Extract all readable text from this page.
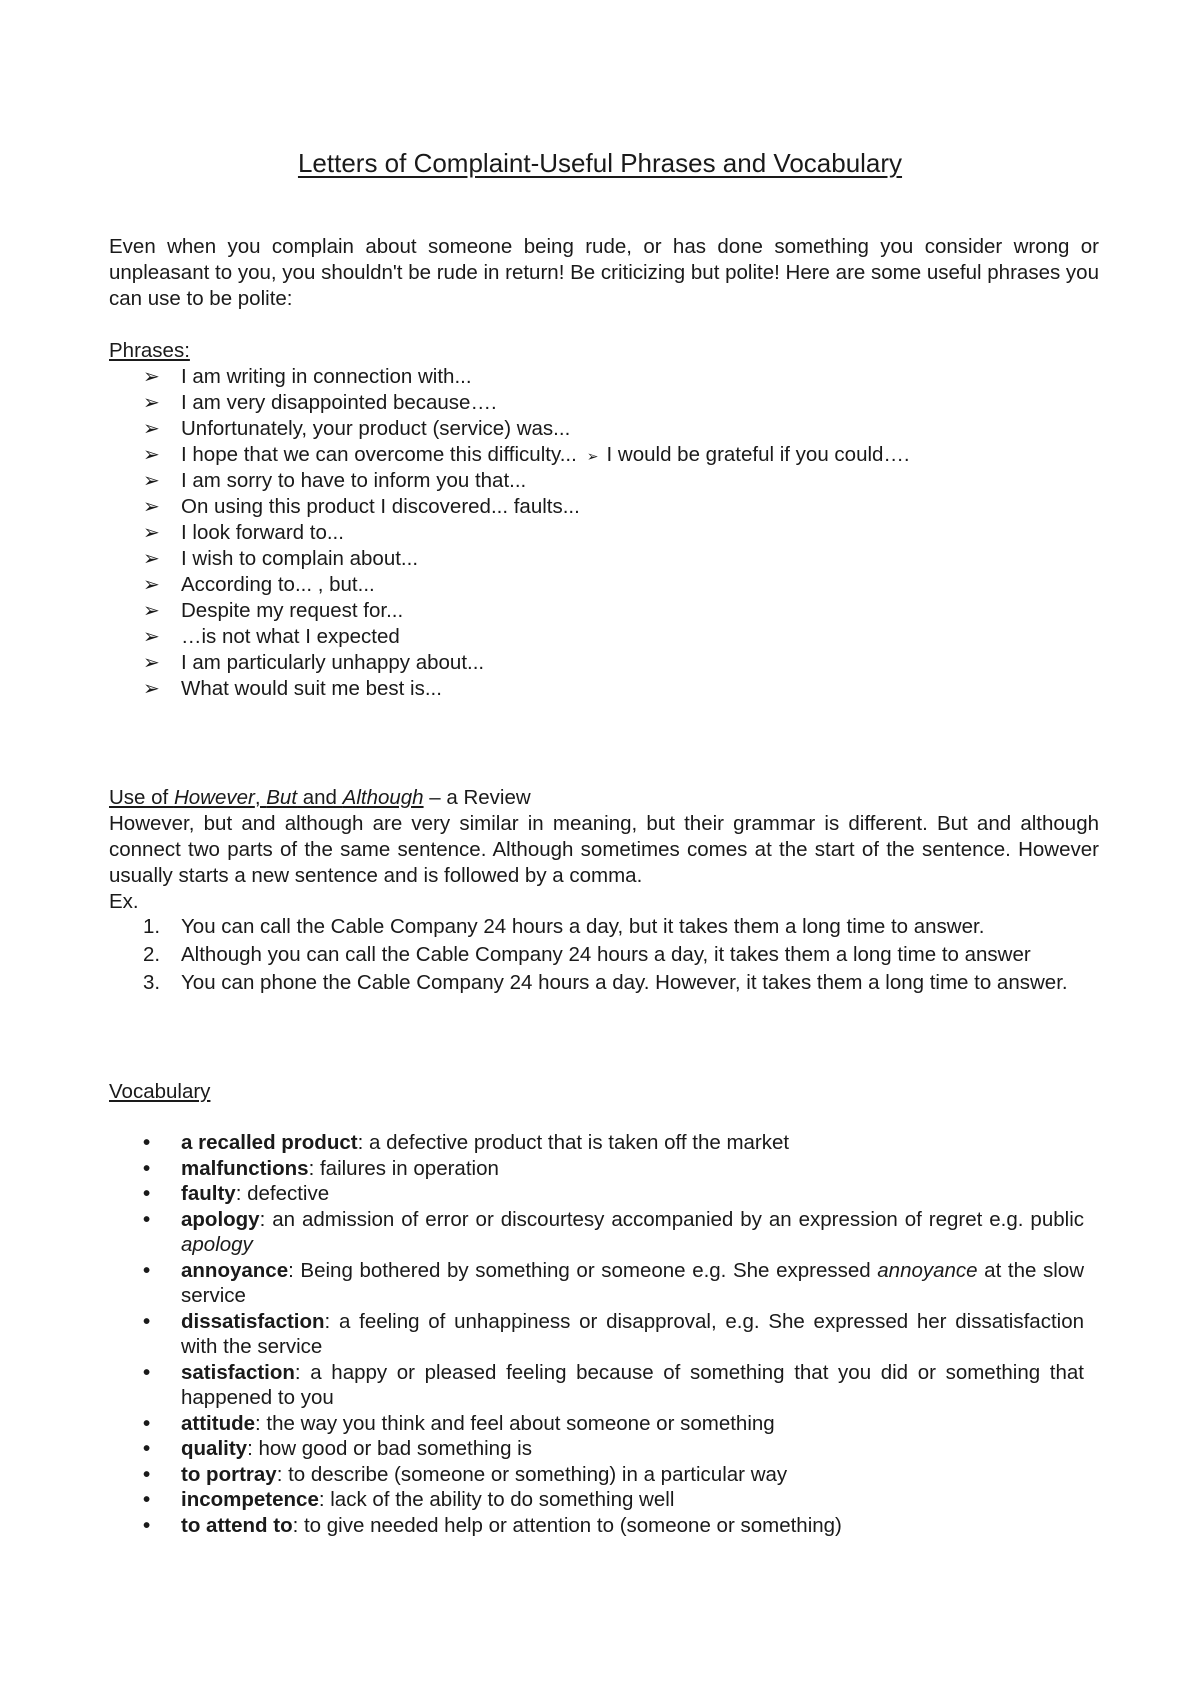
Letters of Complaint-Useful Phrases and Vocabulary

Even when you complain about someone being rude, or has done something you consider wrong or unpleasant to you, you shouldn't be rude in return! Be criticizing but polite! Here are some useful phrases you can use to be polite:

Phrases:
➢ I am writing in connection with...
➢ I am very disappointed because….
➢ Unfortunately, your product (service) was...
➢ I hope that we can overcome this difficulty... ➢ I would be grateful if you could….
➢ I am sorry to have to inform you that...
➢ On using this product I discovered... faults...
➢ I look forward to...
➢ I wish to complain about...
➢ According to... , but...
➢ Despite my request for...
➢ …is not what I expected
➢ I am particularly unhappy about...
➢ What would suit me best is...
Use of However, But and Although – a Review

However, but and although are very similar in meaning, but their grammar is different. But and although connect two parts of the same sentence. Although sometimes comes at the start of the sentence. However usually starts a new sentence and is followed by a comma.

Ex.

1. You can call the Cable Company 24 hours a day, but it takes them a long time to answer.
2. Although you can call the Cable Company 24 hours a day, it takes them a long time to answer
3. You can phone the Cable Company 24 hours a day. However, it takes them a long time to answer.
Vocabulary
• a recalled product: a defective product that is taken off the market
• malfunctions: failures in operation
• faulty: defective
• apology: an admission of error or discourtesy accompanied by an expression of regret e.g. public apology
• annoyance: Being bothered by something or someone e.g. She expressed annoyance at the slow service
• dissatisfaction: a feeling of unhappiness or disapproval, e.g. She expressed her dissatisfaction with the service
• satisfaction: a happy or pleased feeling because of something that you did or something that happened to you
• attitude: the way you think and feel about someone or something
• quality: how good or bad something is
• to portray: to describe (someone or something) in a particular way
• incompetence: lack of the ability to do something well
• to attend to: to give needed help or attention to (someone or something)
